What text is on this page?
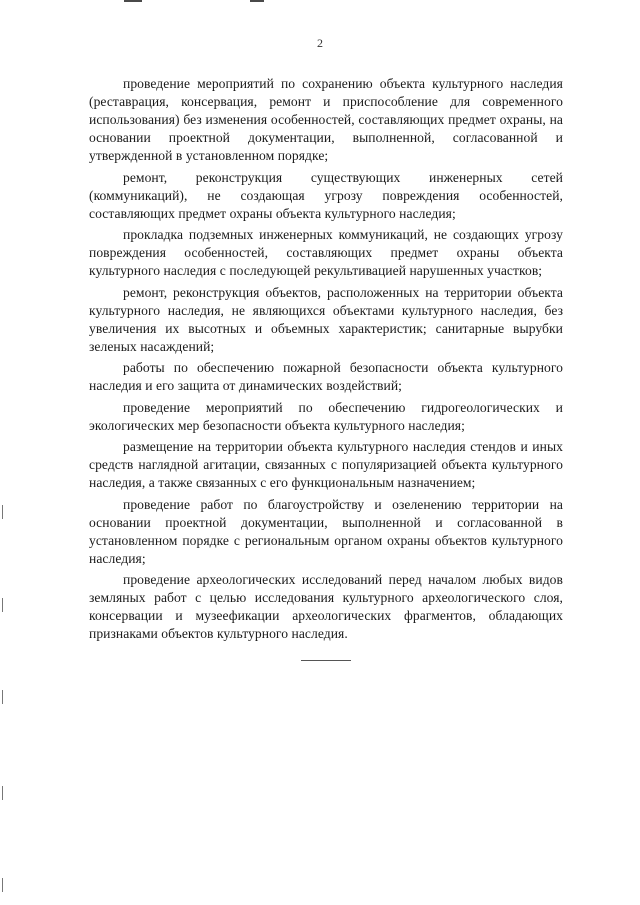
2

проведение мероприятий по сохранению объекта культурного наследия (реставрация, консервация, ремонт и приспособление для современного использования) без изменения особенностей, составляющих предмет охраны, на основании проектной документации, выполненной, согласованной и утвержденной в установленном порядке;

ремонт, реконструкция существующих инженерных сетей (коммуникаций), не создающая угрозу повреждения особенностей, составляющих предмет охраны объекта культурного наследия;

прокладка подземных инженерных коммуникаций, не создающих угрозу повреждения особенностей, составляющих предмет охраны объекта культурного наследия с последующей рекультивацией нарушенных участков;

ремонт, реконструкция объектов, расположенных на территории объекта культурного наследия, не являющихся объектами культурного наследия, без увеличения их высотных и объемных характеристик; санитарные вырубки зеленых насаждений;

работы по обеспечению пожарной безопасности объекта культурного наследия и его защита от динамических воздействий;

проведение мероприятий по обеспечению гидрогеологических и экологических мер безопасности объекта культурного наследия;

размещение на территории объекта культурного наследия стендов и иных средств наглядной агитации, связанных с популяризацией объекта культурного наследия, а также связанных с его функциональным назначением;

проведение работ по благоустройству и озеленению территории на основании проектной документации, выполненной и согласованной в установленном порядке с региональным органом охраны объектов культурного наследия;

проведение археологических исследований перед началом любых видов земляных работ с целью исследования культурного археологического слоя, консервации и музеефикации археологических фрагментов, обладающих признаками объектов культурного наследия.
